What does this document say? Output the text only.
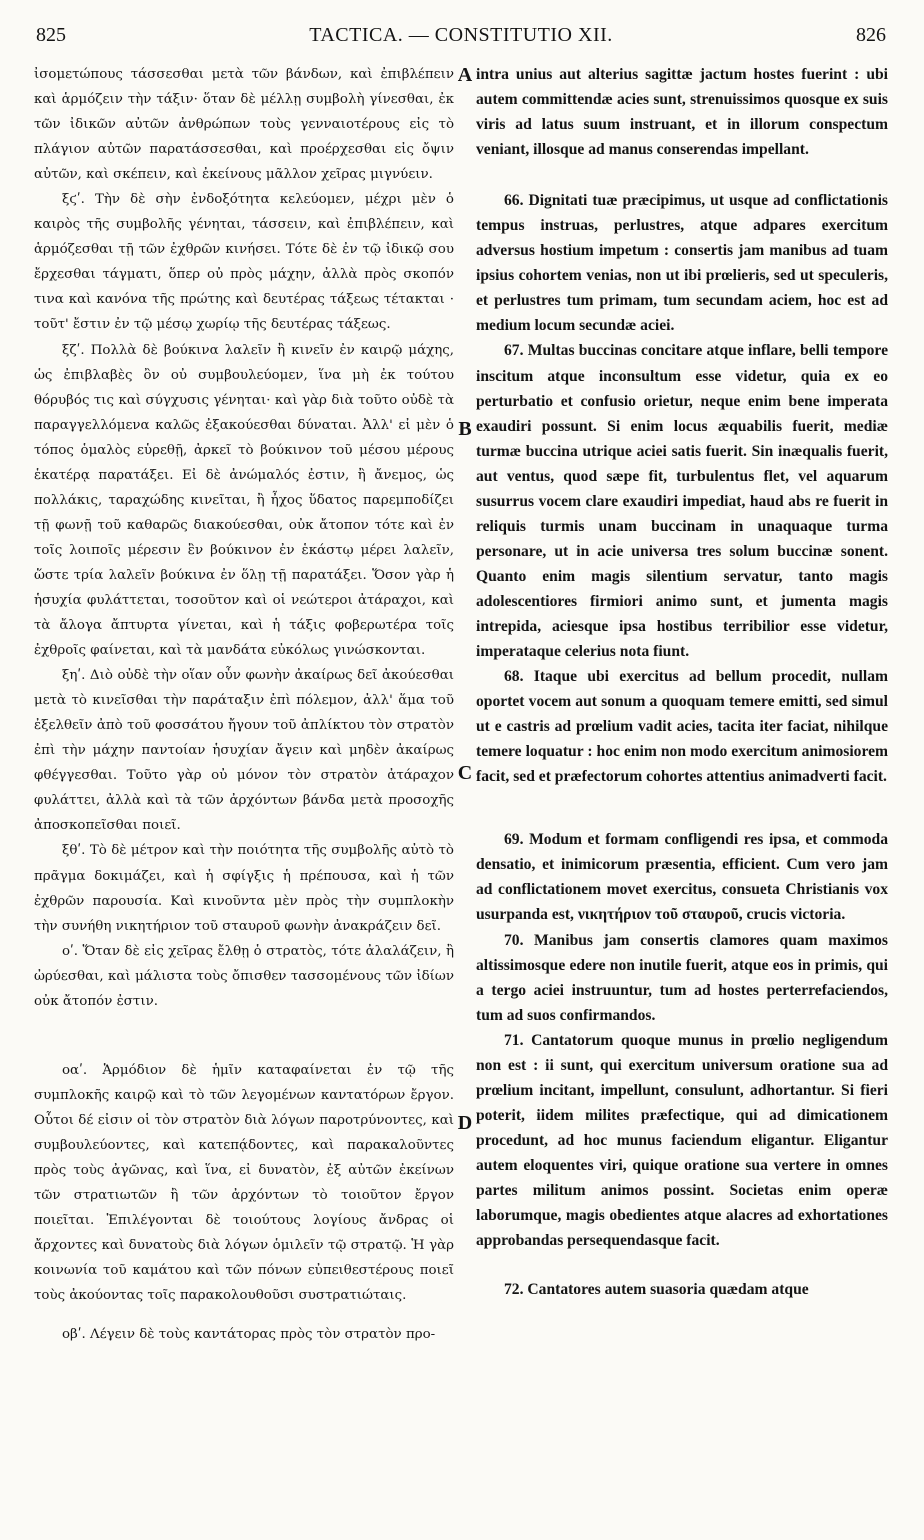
825	TACTICA. — CONSTITUTIO XII.	826
A
B
C
D

ἰσομετώπους τάσσεσθαι μετὰ τῶν βάνδων, καὶ ἐπιβλέπειν καὶ ἁρμόζειν τὴν τάξιν· ὅταν δὲ μέλλῃ συμβολὴ γίνεσθαι, ἐκ τῶν ἰδικῶν αὐτῶν ἀνθρώπων τοὺς γενναιοτέρους εἰς τὸ πλάγιον αὐτῶν παρατάσσεσθαι, καὶ προέρχεσθαι εἰς ὄψιν αὐτῶν, καὶ σκέπειν, καὶ ἐκείνους μᾶλλον χεῖρας μιγνύειν.

ξϛʹ. Τὴν δὲ σὴν ἐνδοξότητα κελεύομεν, μέχρι μὲν ὁ καιρὸς τῆς συμβολῆς γένηται, τάσσειν, καὶ ἐπιβλέπειν, καὶ ἁρμόζεσθαι τῇ τῶν ἐχθρῶν κινήσει. Τότε δὲ ἐν τῷ ἰδικῷ σου ἔρχεσθαι τάγματι, ὅπερ οὐ πρὸς μάχην, ἀλλὰ πρὸς σκοπόν τινα καὶ κανόνα τῆς πρώτης καὶ δευτέρας τάξεως τέτακται · τοῦτ' ἔστιν ἐν τῷ μέσῳ χωρίῳ τῆς δευτέρας τάξεως.

ξζʹ. Πολλὰ δὲ βούκινα λαλεῖν ἢ κινεῖν ἐν καιρῷ μάχης, ὡς ἐπιβλαβὲς ὂν οὐ συμβουλεύομεν, ἵνα μὴ ἐκ τούτου θόρυβός τις καὶ σύγχυσις γένηται· καὶ γὰρ διὰ τοῦτο οὐδὲ τὰ παραγγελλόμενα καλῶς ἐξακούεσθαι δύναται. Ἀλλ' εἰ μὲν ὁ τόπος ὁμαλὸς εὑρεθῇ, ἀρκεῖ τὸ βούκινον τοῦ μέσου μέρους ἑκατέρᾳ παρατάξει. Εἰ δὲ ἀνώμαλός ἐστιν, ἢ ἄνεμος, ὡς πολλάκις, ταραχώδης κινεῖται, ἢ ἦχος ὕδατος παρεμποδίζει τῇ φωνῇ τοῦ καθαρῶς διακούεσθαι, οὐκ ἄτοπον τότε καὶ ἐν τοῖς λοιποῖς μέρεσιν ἓν βούκινον ἐν ἑκάστῳ μέρει λαλεῖν, ὥστε τρία λαλεῖν βούκινα ἐν ὅλῃ τῇ παρατάξει. Ὅσον γὰρ ἡ ἡσυχία φυλάττεται, τοσοῦτον καὶ οἱ νεώτεροι ἀτάραχοι, καὶ τὰ ἄλογα ἄπτυρτα γίνεται, καὶ ἡ τάξις φοβερωτέρα τοῖς ἐχθροῖς φαίνεται, καὶ τὰ μανδάτα εὐκόλως γινώσκονται.

ξηʹ. Διὸ οὐδὲ τὴν οἵαν οὖν φωνὴν ἀκαίρως δεῖ ἀκούεσθαι μετὰ τὸ κινεῖσθαι τὴν παράταξιν ἐπὶ πόλεμον, ἀλλ' ἅμα τοῦ ἐξελθεῖν ἀπὸ τοῦ φοσσάτου ἤγουν τοῦ ἀπλίκτου τὸν στρατὸν ἐπὶ τὴν μάχην παντοίαν ἡσυχίαν ἄγειν καὶ μηδὲν ἀκαίρως φθέγγεσθαι. Τοῦτο γὰρ οὐ μόνον τὸν στρατὸν ἀτάραχον φυλάττει, ἀλλὰ καὶ τὰ τῶν ἀρχόντων βάνδα μετὰ προσοχῆς ἀποσκοπεῖσθαι ποιεῖ.

ξθʹ. Τὸ δὲ μέτρον καὶ τὴν ποιότητα τῆς συμβολῆς αὐτὸ τὸ πρᾶγμα δοκιμάζει, καὶ ἡ σφίγξις ἡ πρέπουσα, καὶ ἡ τῶν ἐχθρῶν παρουσία. Καὶ κινοῦντα μὲν πρὸς τὴν συμπλοκὴν τὴν συνήθη νικητήριον τοῦ σταυροῦ φωνὴν ἀνακράζειν δεῖ.

οʹ. Ὅταν δὲ εἰς χεῖρας ἔλθῃ ὁ στρατὸς, τότε ἀλαλάζειν, ἢ ὠρύεσθαι, καὶ μάλιστα τοὺς ὄπισθεν τασσομένους τῶν ἰδίων οὐκ ἄτοπόν ἐστιν.

οαʹ. Ἁρμόδιον δὲ ἡμῖν καταφαίνεται ἐν τῷ τῆς συμπλοκῆς καιρῷ καὶ τὸ τῶν λεγομένων καντατόρων ἔργον. Οὗτοι δέ εἰσιν οἱ τὸν στρατὸν διὰ λόγων παροτρύνοντες, καὶ συμβουλεύοντες, καὶ κατεπᾴδοντες, καὶ παρακαλοῦντες πρὸς τοὺς ἀγῶνας, καὶ ἵνα, εἰ δυνατὸν, ἐξ αὐτῶν ἐκείνων τῶν στρατιωτῶν ἢ τῶν ἀρχόντων τὸ τοιοῦτον ἔργον ποιεῖται. Ἐπιλέγονται δὲ τοιούτους λογίους ἄνδρας οἱ ἄρχοντες καὶ δυνατοὺς διὰ λόγων ὁμιλεῖν τῷ στρατῷ. Ἡ γὰρ κοινωνία τοῦ καμάτου καὶ τῶν πόνων εὐπειθεστέρους ποιεῖ τοὺς ἀκούοντας τοῖς παρακολουθοῦσι συστρατιώταις.

οβʹ. Λέγειν δὲ τοὺς καντάτορας πρὸς τὸν στρατὸν προ-

intra unius aut alterius sagittæ jactum hostes fuerint : ubi autem committendæ acies sunt, strenuissimos quosque ex suis viris ad latus suum instruant, et in illorum conspectum veniant, illosque ad manus conserendas impellant.

66. Dignitati tuæ præcipimus, ut usque ad conflictationis tempus instruas, perlustres, atque adpares exercitum adversus hostium impetum : consertis jam manibus ad tuam ipsius cohortem venias, non ut ibi prœlieris, sed ut speculeris, et perlustres tum primam, tum secundam aciem, hoc est ad medium locum secundæ aciei.

67. Multas buccinas concitare atque inflare, belli tempore inscitum atque inconsultum esse videtur, quia ex eo perturbatio et confusio orietur, neque enim bene imperata exaudiri possunt. Si enim locus æquabilis fuerit, mediæ turmæ buccina utrique aciei satis fuerit. Sin inæqualis fuerit, aut ventus, quod sæpe fit, turbulentus flet, vel aquarum susurrus vocem clare exaudiri impediat, haud abs re fuerit in reliquis turmis unam buccinam in unaquaque turma personare, ut in acie universa tres solum buccinæ sonent. Quanto enim magis silentium servatur, tanto magis adolescentiores firmiori animo sunt, et jumenta magis intrepida, aciesque ipsa hostibus terribilior esse videtur, imperataque celerius nota fiunt.

68. Itaque ubi exercitus ad bellum procedit, nullam oportet vocem aut sonum a quoquam temere emitti, sed simul ut e castris ad prœlium vadit acies, tacita iter faciat, nihilque temere loquatur : hoc enim non modo exercitum animosiorem facit, sed et præfectorum cohortes attentius animadverti facit.

69. Modum et formam confligendi res ipsa, et commoda densatio, et inimicorum præsentia, efficient. Cum vero jam ad conflictationem movet exercitus, consueta Christianis vox usurpanda est, νικητήριον τοῦ σταυροῦ, crucis victoria.

70. Manibus jam consertis clamores quam maximos altissimosque edere non inutile fuerit, atque eos in primis, qui a tergo aciei instruuntur, tum ad hostes perterrefaciendos, tum ad suos confirmandos.

71. Cantatorum quoque munus in prœlio negligendum non est : ii sunt, qui exercitum universum oratione sua ad prœlium incitant, impellunt, consulunt, adhortantur. Si fieri poterit, iidem milites præfectique, qui ad dimicationem procedunt, ad hoc munus faciendum eligantur. Eligantur autem eloquentes viri, quique oratione sua vertere in omnes partes militum animos possint. Societas enim operæ laborumque, magis obedientes atque alacres ad exhortationes approbandas persequendasque facit.

72. Cantatores autem suasoria quædam atque
